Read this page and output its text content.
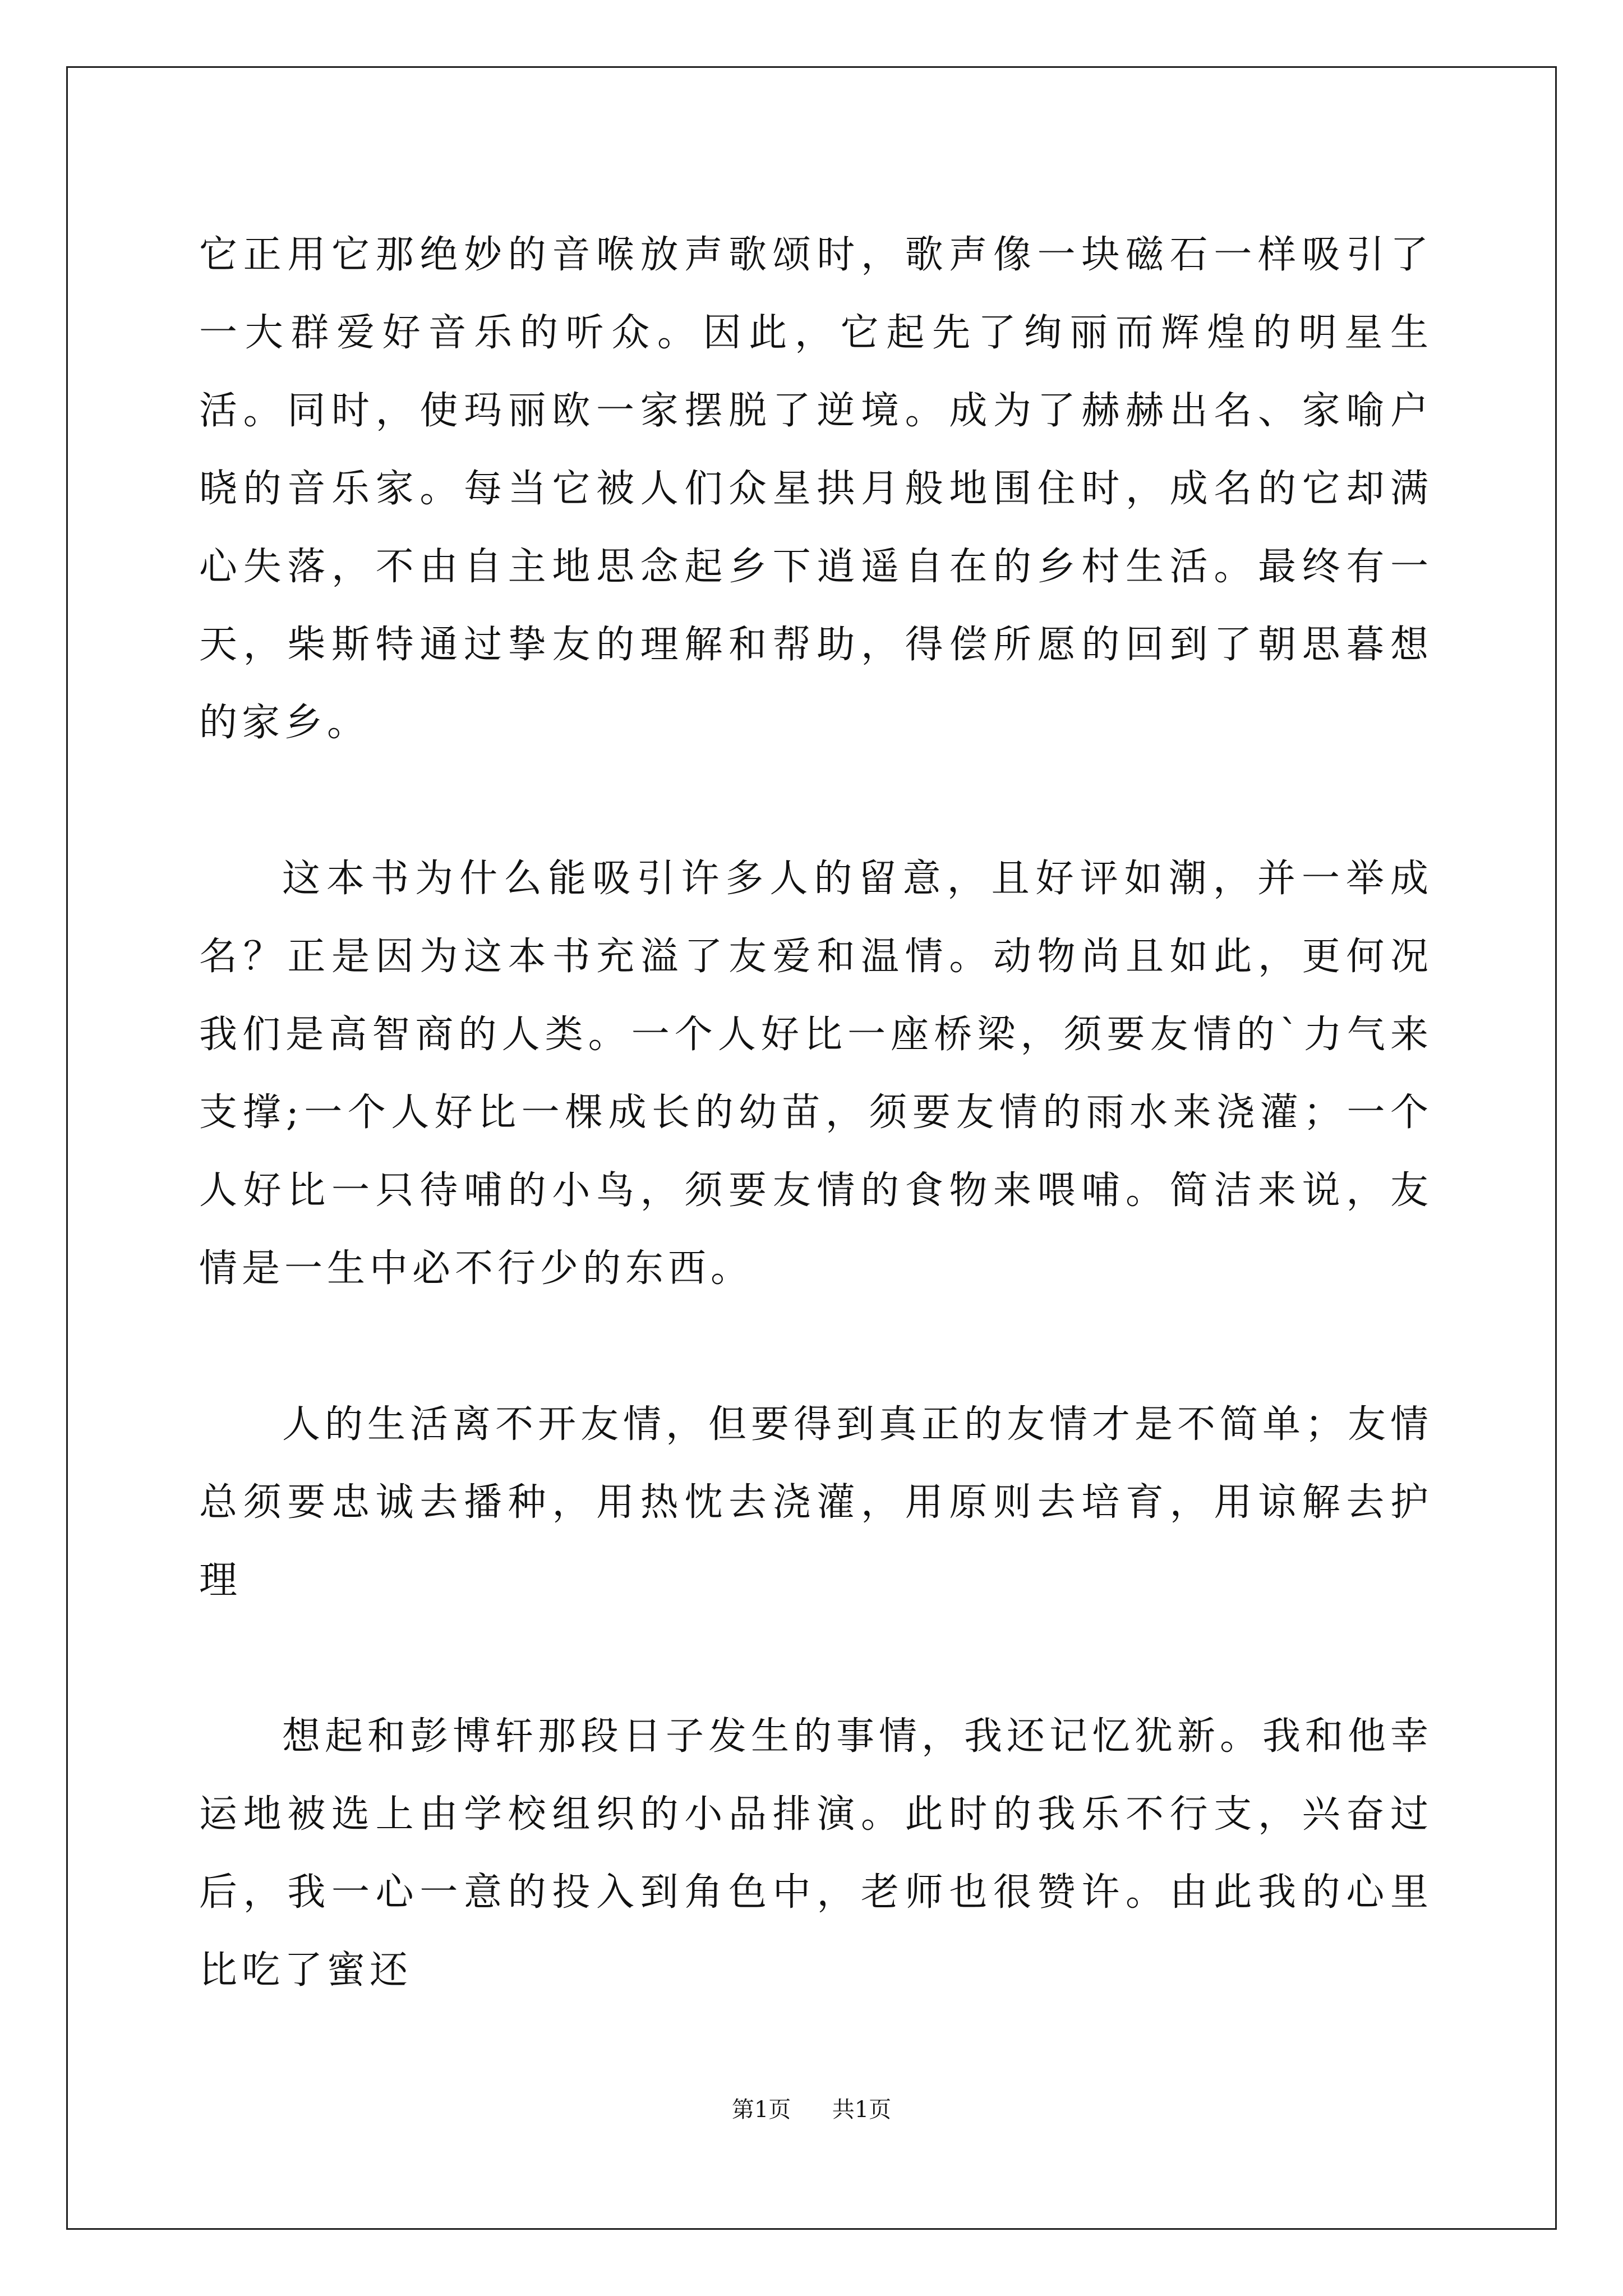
它正用它那绝妙的音喉放声歌颂时，歌声像一块磁石一样吸引了一大群爱好音乐的听众。因此，它起先了绚丽而辉煌的明星生活。同时，使玛丽欧一家摆脱了逆境。成为了赫赫出名、家喻户晓的音乐家。每当它被人们众星拱月般地围住时，成名的它却满心失落，不由自主地思念起乡下逍遥自在的乡村生活。最终有一天，柴斯特通过挚友的理解和帮助，得偿所愿的回到了朝思暮想的家乡。

这本书为什么能吸引许多人的留意，且好评如潮，并一举成名？正是因为这本书充溢了友爱和温情。动物尚且如此，更何况我们是高智商的人类。一个人好比一座桥梁，须要友情的`力气来支撑;一个人好比一棵成长的幼苗，须要友情的雨水来浇灌；一个人好比一只待哺的小鸟，须要友情的食物来喂哺。简洁来说，友情是一生中必不行少的东西。

人的生活离不开友情，但要得到真正的友情才是不简单；友情总须要忠诚去播种，用热忱去浇灌，用原则去培育，用谅解去护理

想起和彭博轩那段日子发生的事情，我还记忆犹新。我和他幸运地被选上由学校组织的小品排演。此时的我乐不行支，兴奋过后，我一心一意的投入到角色中，老师也很赞许。由此我的心里比吃了蜜还

第1页 共1页
